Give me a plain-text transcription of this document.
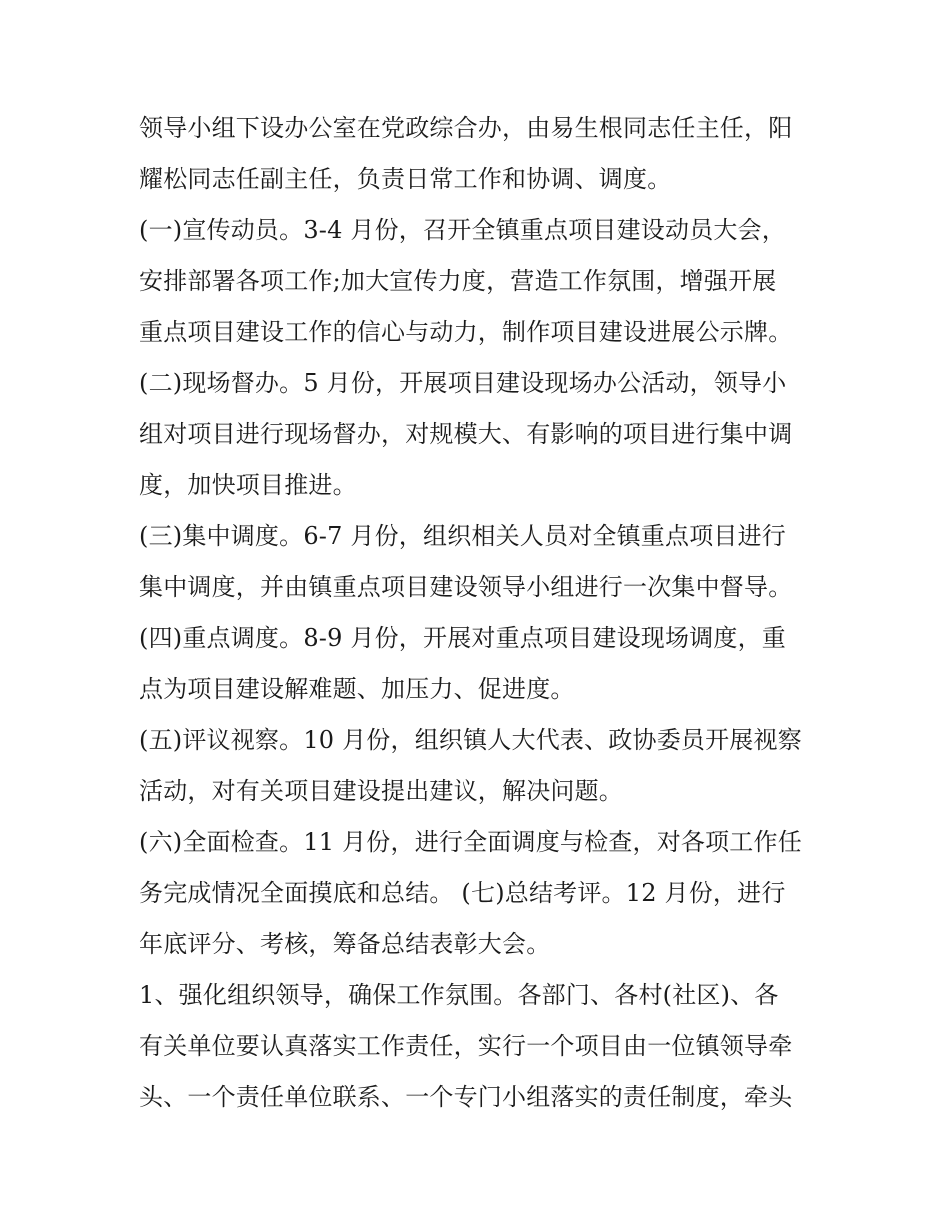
领导小组下设办公室在党政综合办，由易生根同志任主任，阳
耀松同志任副主任，负责日常工作和协调、调度。
(一)宣传动员。3-4 月份，召开全镇重点项目建设动员大会，
安排部署各项工作;加大宣传力度，营造工作氛围，增强开展
重点项目建设工作的信心与动力，制作项目建设进展公示牌。
(二)现场督办。5 月份，开展项目建设现场办公活动，领导小
组对项目进行现场督办，对规模大、有影响的项目进行集中调
度，加快项目推进。
(三)集中调度。6-7 月份，组织相关人员对全镇重点项目进行
集中调度，并由镇重点项目建设领导小组进行一次集中督导。
(四)重点调度。8-9 月份，开展对重点项目建设现场调度，重
点为项目建设解难题、加压力、促进度。
(五)评议视察。10 月份，组织镇人大代表、政协委员开展视察
活动，对有关项目建设提出建议，解决问题。
(六)全面检查。11 月份，进行全面调度与检查，对各项工作任
务完成情况全面摸底和总结。 (七)总结考评。12 月份，进行
年底评分、考核，筹备总结表彰大会。
1、强化组织领导，确保工作氛围。各部门、各村(社区)、各
有关单位要认真落实工作责任，实行一个项目由一位镇领导牵
头、一个责任单位联系、一个专门小组落实的责任制度，牵头
